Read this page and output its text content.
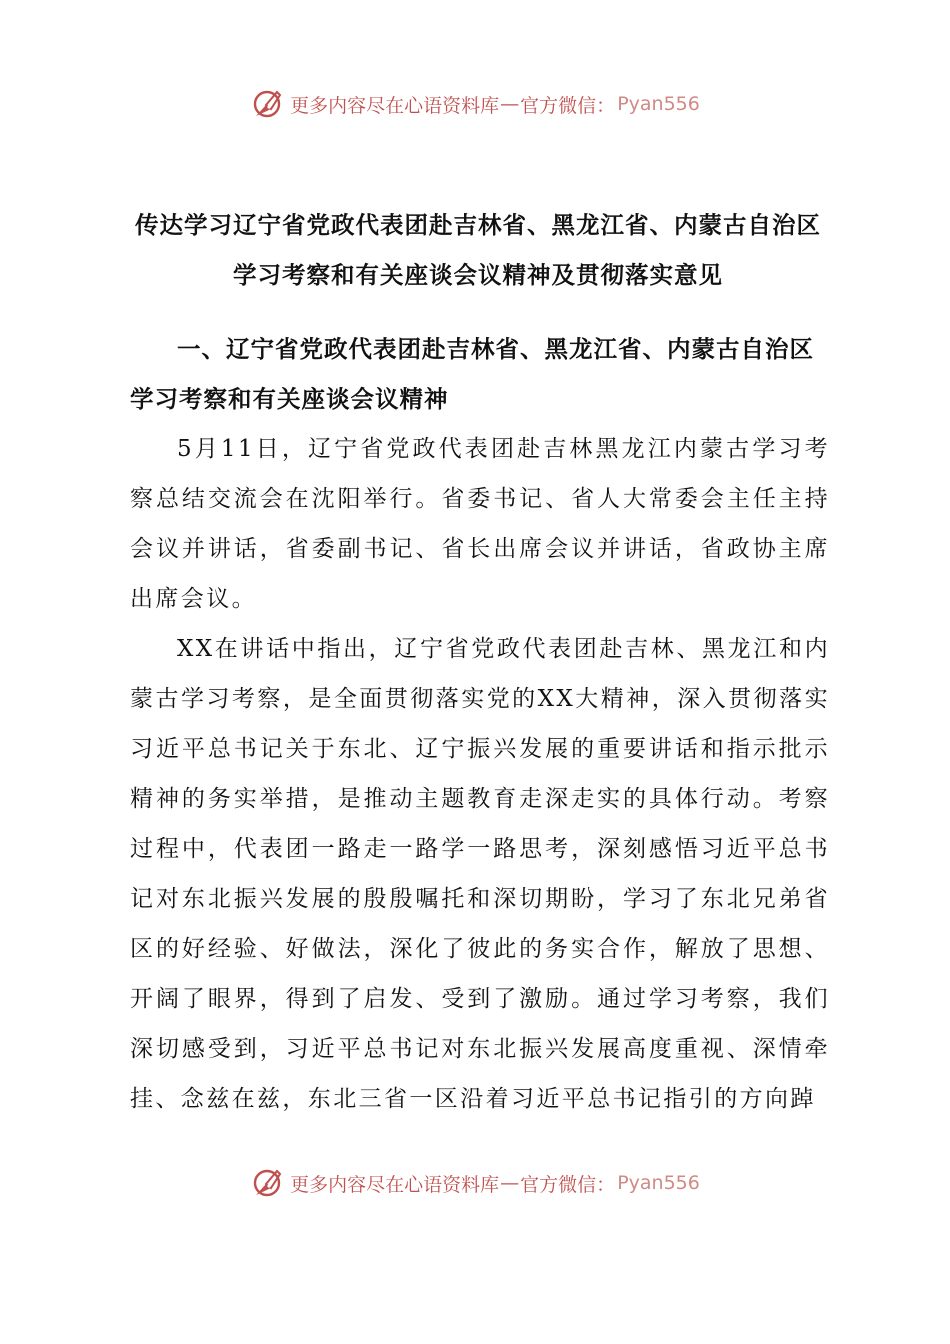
更多内容尽在心语资料库 — 官方微信： Pyan556
传达学习辽宁省党政代表团赴吉林省、黑龙江省、内蒙古自治区学习考察和有关座谈会议精神及贯彻落实意见
一、辽宁省党政代表团赴吉林省、黑龙江省、内蒙古自治区学习考察和有关座谈会议精神
5月11日，辽宁省党政代表团赴吉林黑龙江内蒙古学习考察总结交流会在沈阳举行。省委书记、省人大常委会主任主持会议并讲话，省委副书记、省长出席会议并讲话，省政协主席出席会议。
XX在讲话中指出，辽宁省党政代表团赴吉林、黑龙江和内蒙古学习考察，是全面贯彻落实党的XX大精神，深入贯彻落实习近平总书记关于东北、辽宁振兴发展的重要讲话和指示批示精神的务实举措，是推动主题教育走深走实的具体行动。考察过程中，代表团一路走一路学一路思考，深刻感悟习近平总书记对东北振兴发展的殷殷嘱托和深切期盼，学习了东北兄弟省区的好经验、好做法，深化了彼此的务实合作，解放了思想、开阔了眼界，得到了启发、受到了激励。通过学习考察，我们深切感受到，习近平总书记对东北振兴发展高度重视、深情牵挂、念兹在兹，东北三省一区沿着习近平总书记指引的方向踔
更多内容尽在心语资料库 — 官方微信： Pyan556
